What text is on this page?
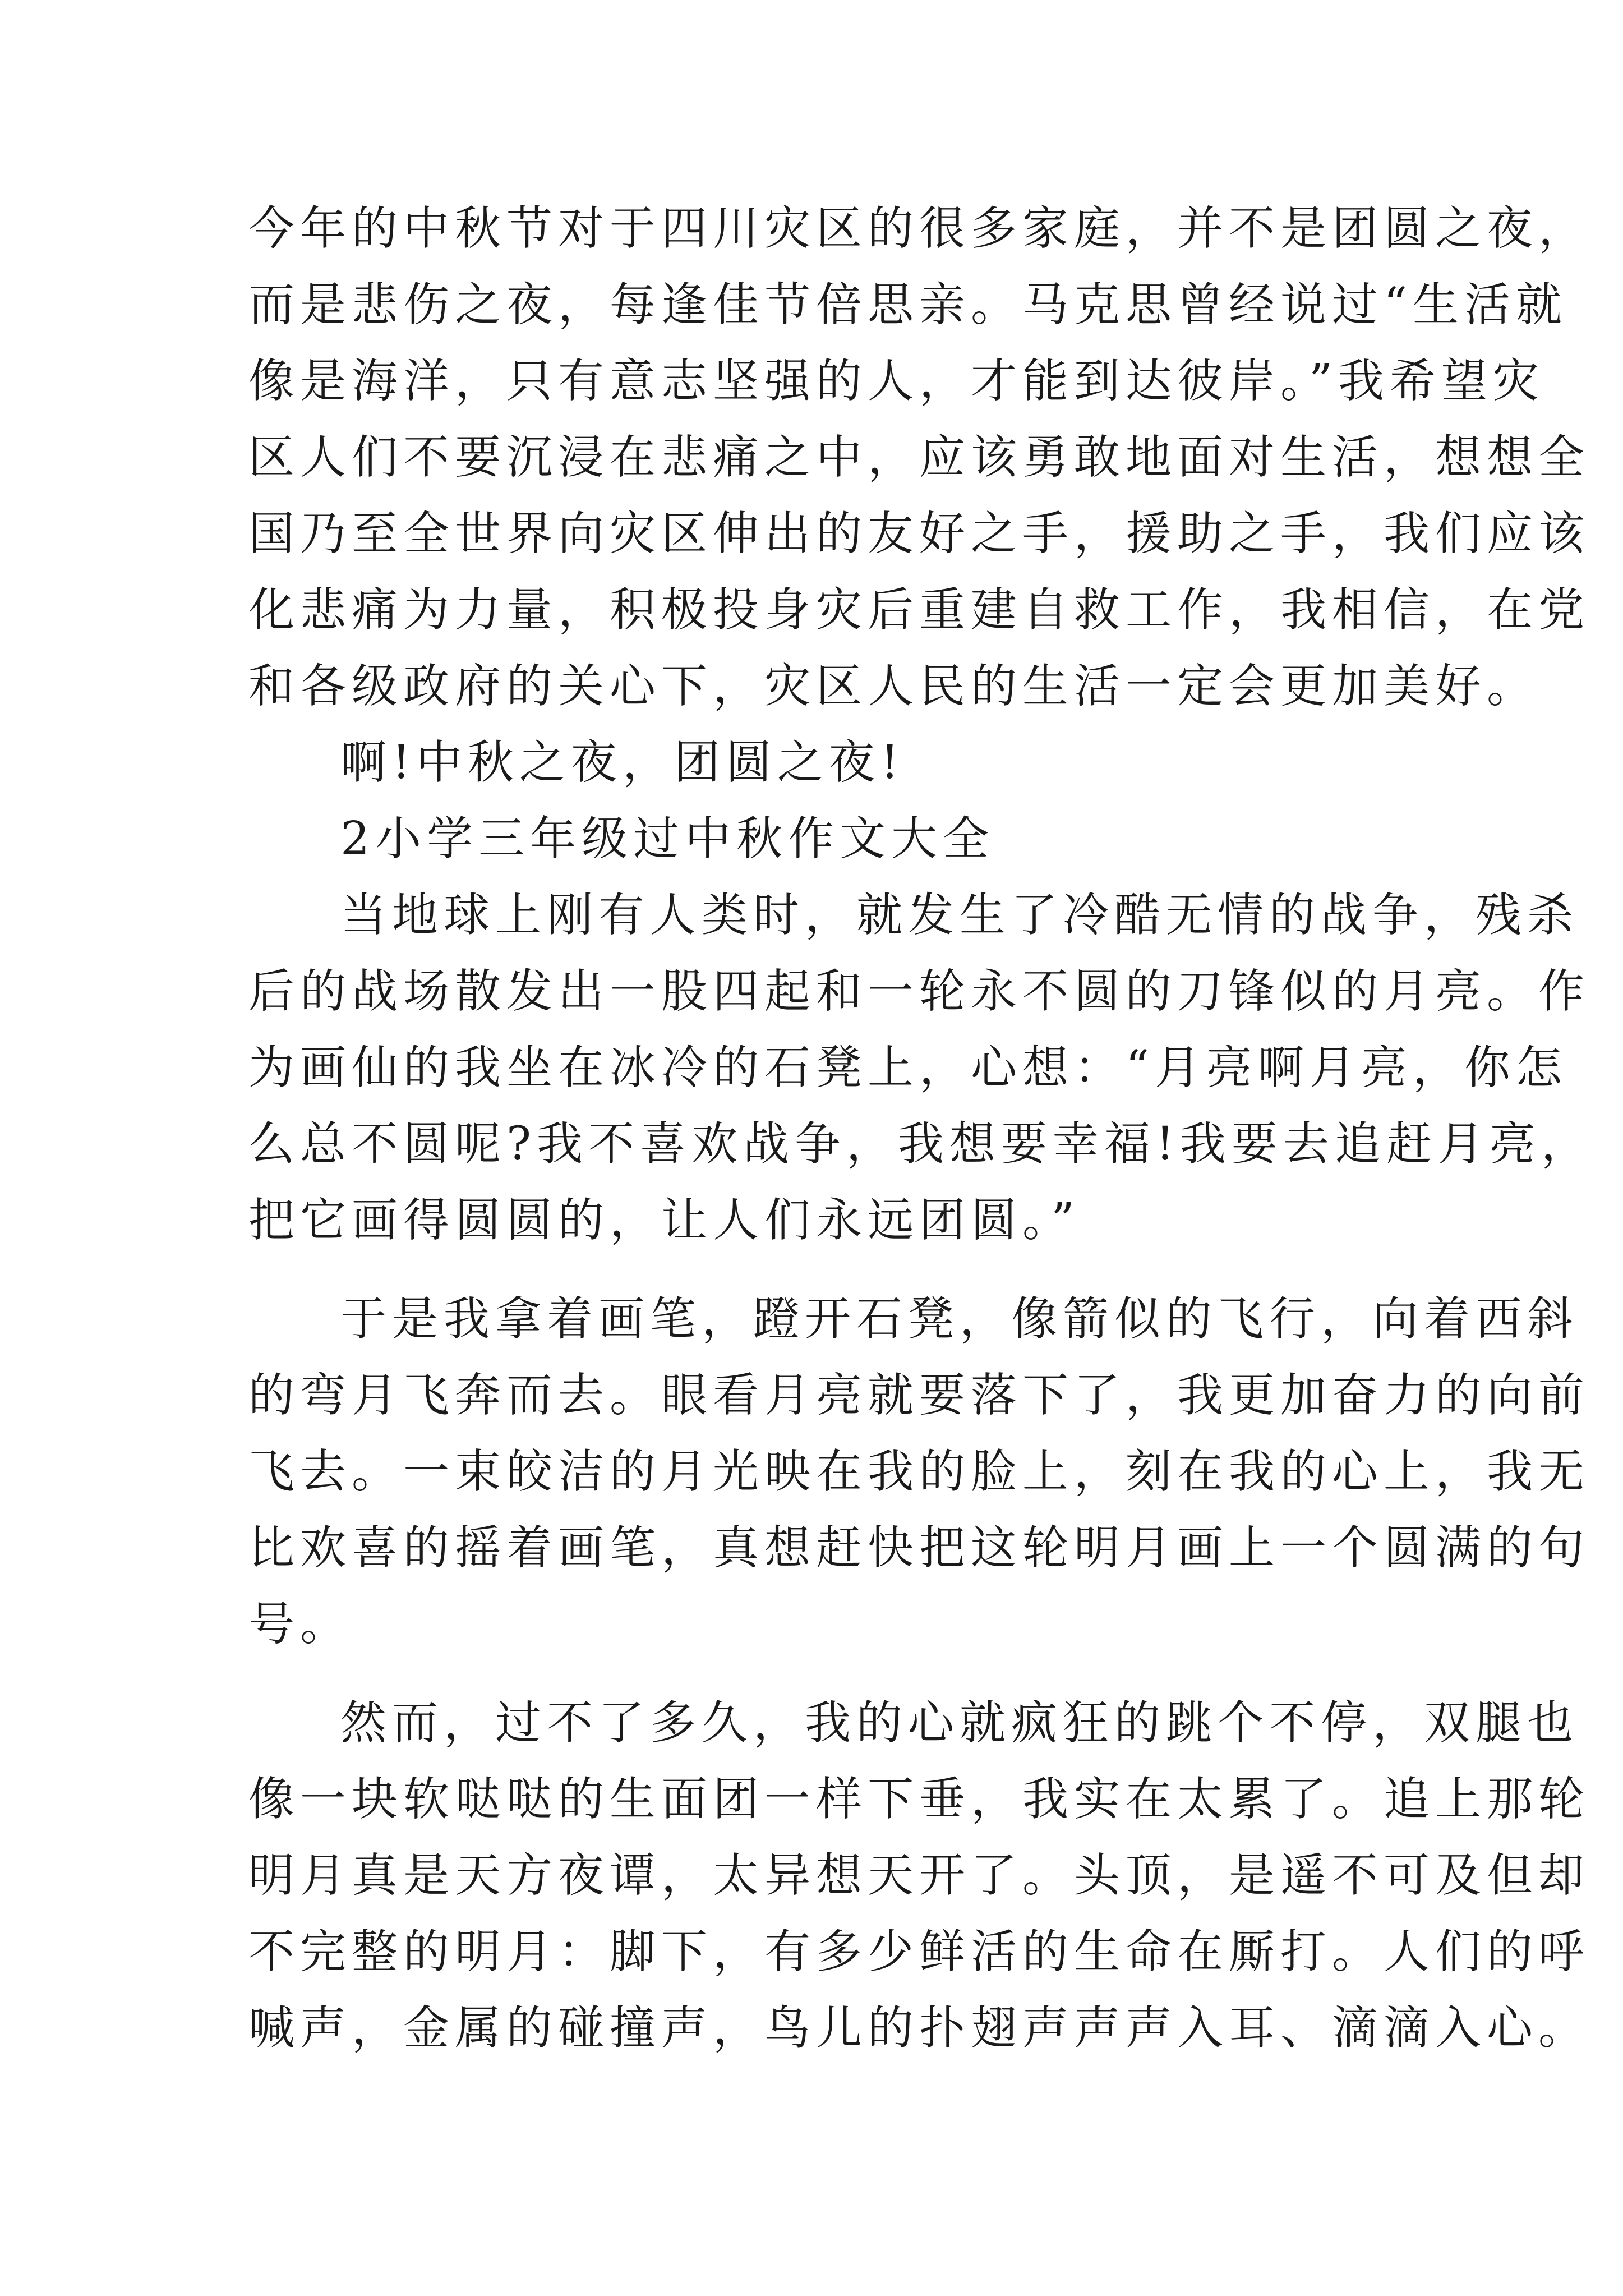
今年的中秋节对于四川灾区的很多家庭，并不是团圆之夜，
而是悲伤之夜，每逢佳节倍思亲。马克思曾经说过“生活就
像是海洋，只有意志坚强的人，才能到达彼岸。”我希望灾
区人们不要沉浸在悲痛之中，应该勇敢地面对生活，想想全
国乃至全世界向灾区伸出的友好之手，援助之手，我们应该
化悲痛为力量，积极投身灾后重建自救工作，我相信，在党
和各级政府的关心下，灾区人民的生活一定会更加美好。
啊!中秋之夜，团圆之夜!
2小学三年级过中秋作文大全
当地球上刚有人类时，就发生了冷酷无情的战争，残杀
后的战场散发出一股四起和一轮永不圆的刀锋似的月亮。作
为画仙的我坐在冰冷的石凳上，心想：“月亮啊月亮，你怎
么总不圆呢?我不喜欢战争，我想要幸福!我要去追赶月亮，
把它画得圆圆的，让人们永远团圆。”
于是我拿着画笔，蹬开石凳，像箭似的飞行，向着西斜
的弯月飞奔而去。眼看月亮就要落下了，我更加奋力的向前
飞去。一束皎洁的月光映在我的脸上，刻在我的心上，我无
比欢喜的摇着画笔，真想赶快把这轮明月画上一个圆满的句
号。
然而，过不了多久，我的心就疯狂的跳个不停，双腿也
像一块软哒哒的生面团一样下垂，我实在太累了。追上那轮
明月真是天方夜谭，太异想天开了。头顶，是遥不可及但却
不完整的明月：脚下，有多少鲜活的生命在厮打。人们的呼
喊声，金属的碰撞声，鸟儿的扑翅声声声入耳、滴滴入心。
